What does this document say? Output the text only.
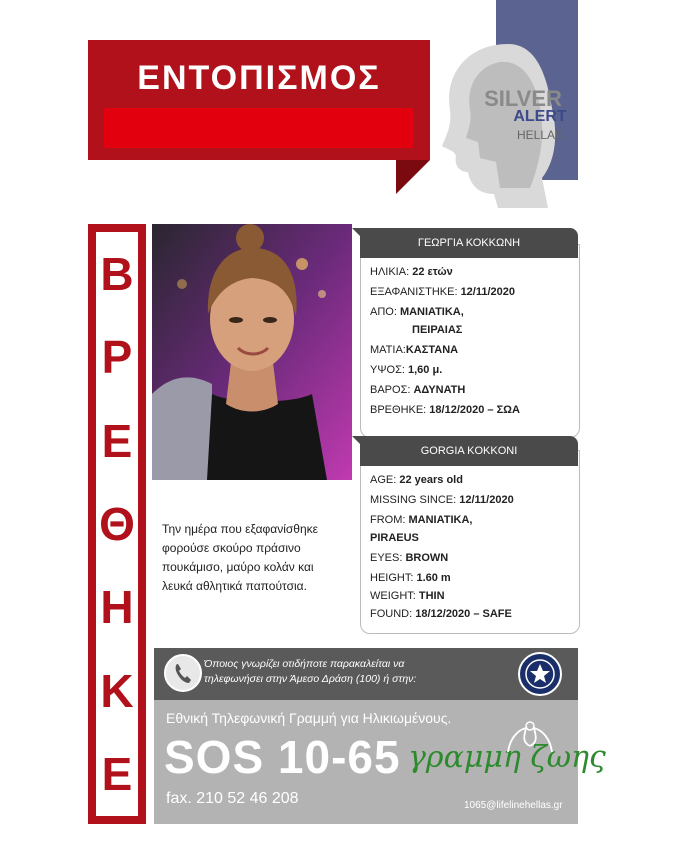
ΕΝΤΟΠΙΣΜΟΣ
SILVER
ALERT
HELLAS
Β
Ρ
Ε
Θ
Η
Κ
Ε
ΓΕΩΡΓΙΑ ΚΟΚΚΩΝΗ
ΗΛΙΚΙΑ: 22 ετών
ΕΞΑΦΑΝΙΣΤΗΚΕ: 12/11/2020
ΑΠΟ: ΜΑΝΙΑΤΙΚΑ,
ΠΕΙΡΑΙΑΣ
ΜΑΤΙΑ:ΚΑΣΤΑΝΑ
ΥΨΟΣ: 1,60 μ.
ΒΑΡΟΣ: ΑΔΥΝΑΤΗ
ΒΡΕΘΗΚΕ: 18/12/2020 – ΣΩΑ
GORGIA KOKKONI
AGE: 22 years old
MISSING SINCE: 12/11/2020
FROM: MANIATIKA,
PIRAEUS
EYES: BROWN
HEIGHT: 1.60 m
WEIGHT: THIN
FOUND: 18/12/2020 – SAFE
Την ημέρα που εξαφανίσθηκε
φορούσε σκούρο πράσινο
πουκάμισο, μαύρο κολάν και
λευκά αθλητικά παπούτσια.
Όποιος γνωρίζει οτιδήποτε παρακαλείται να
τηλεφωνήσει στην Άμεσο Δράση (100) ή στην:
Εθνική Τηλεφωνική Γραμμή για Ηλικιωμένους.
SOS 10-65
fax. 210 52 46 208	1065@lifelinehellas.gr
γραμμη ζωης
